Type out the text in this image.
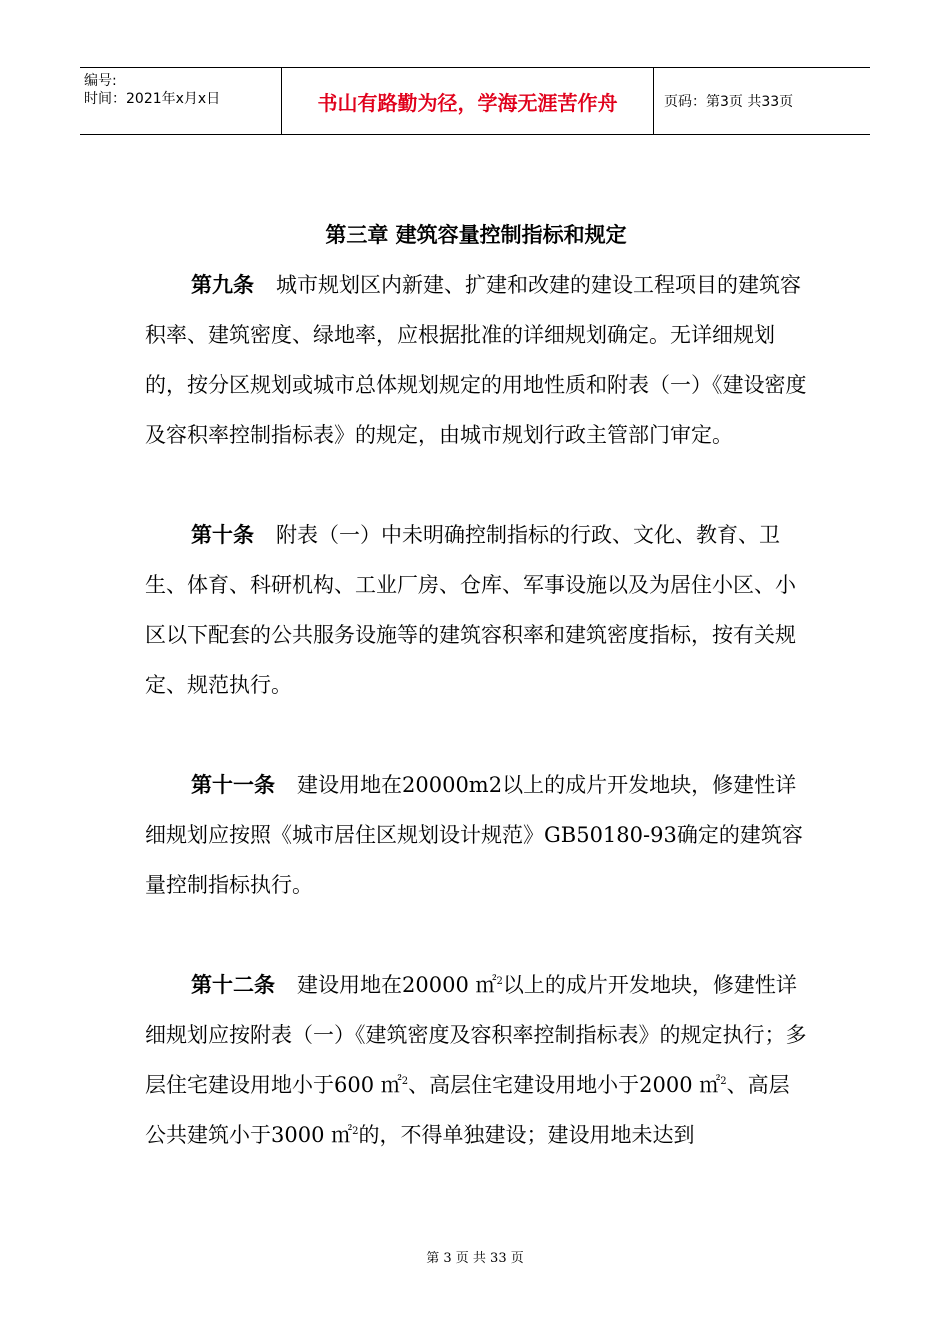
编号:
时间：2021年x月x日	书山有路勤为径，学海无涯苦作舟	页码：第3页 共33页

第三章 建筑容量控制指标和规定

第九条 城市规划区内新建、扩建和改建的建设工程项目的建筑容积率、建筑密度、绿地率，应根据批准的详细规划确定。无详细规划的，按分区规划或城市总体规划规定的用地性质和附表（一）《建设密度及容积率控制指标表》的规定，由城市规划行政主管部门审定。

第十条 附表（一）中未明确控制指标的行政、文化、教育、卫生、体育、科研机构、工业厂房、仓库、军事设施以及为居住小区、小区以下配套的公共服务设施等的建筑容积率和建筑密度指标，按有关规定、规范执行。

第十一条 建设用地在20000m2以上的成片开发地块，修建性详细规划应按照《城市居住区规划设计规范》GB50180-93确定的建筑容量控制指标执行。

第十二条 建设用地在20000 ㎡$^2$以上的成片开发地块，修建性详细规划应按附表（一）《建筑密度及容积率控制指标表》的规定执行；多层住宅建设用地小于600 ㎡$^2$、高层住宅建设用地小于2000 ㎡$^2$、高层公共建筑小于3000 ㎡$^2$的，不得单独建设；建设用地未达到

第 3 页 共 33 页
